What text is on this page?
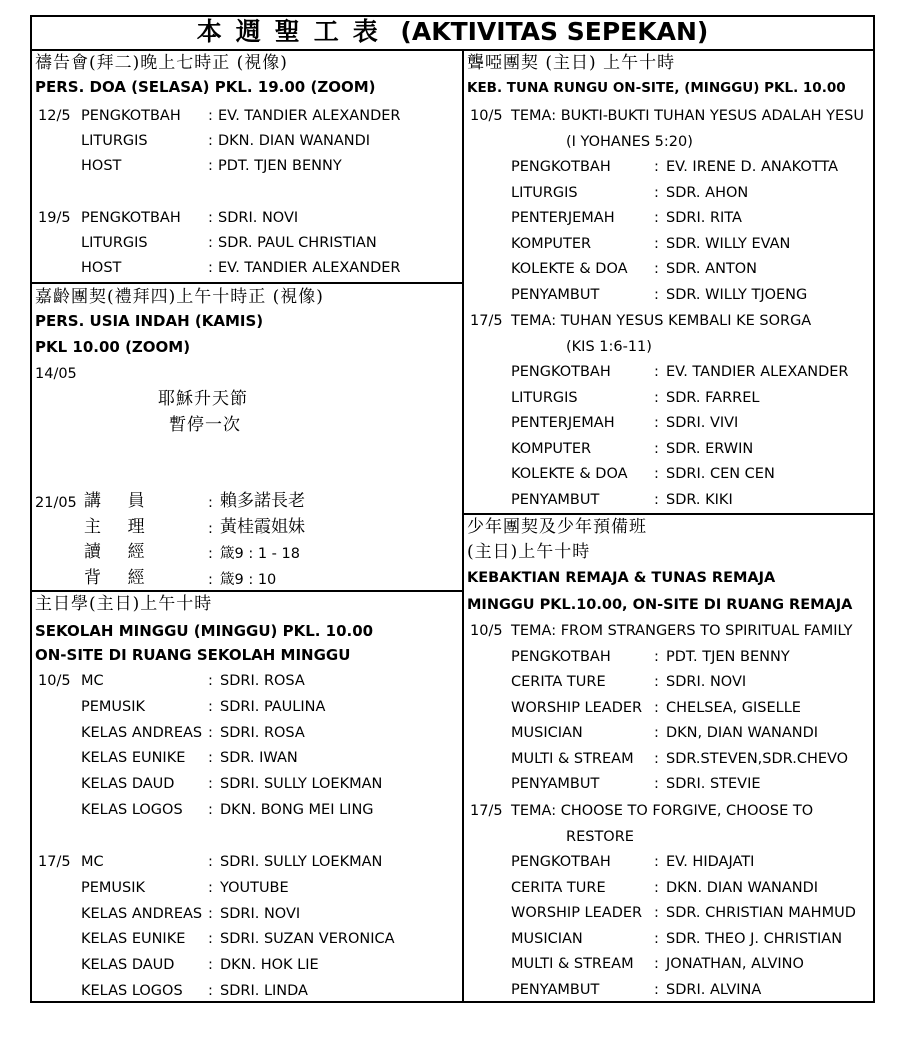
本週聖工表 (AKTIVITAS SEPEKAN)
禱告會(拜二)晚上七時正 (視像)
PERS. DOA (SELASA) PKL. 19.00 (ZOOM)
12/5 PENGKOTBAH : EV. TANDIER ALEXANDER
LITURGIS	: DKN. DIAN WANANDI
HOST	: PDT. TJEN BENNY
19/5 PENGKOTBAH : SDRI. NOVI
LITURGIS	: SDR. PAUL CHRISTIAN
HOST	: EV. TANDIER ALEXANDER
嘉齡團契(禮拜四)上午十時正 (視像)
PERS. USIA INDAH (KAMIS)
PKL 10.00 (ZOOM)
14/05
耶穌升天節
暫停一次
21/05 講    員	: 賴多諾長老
主    理	: 黃桂霞姐妹
讀    經	: 箴9 : 1 - 18
背    經	: 箴9 : 10
主日學(主日)上午十時
SEKOLAH MINGGU (MINGGU) PKL. 10.00
ON-SITE DI RUANG SEKOLAH MINGGU
10/5 MC	: SDRI. ROSA
PEMUSIK	: SDRI. PAULINA
KELAS ANDREAS : SDRI. ROSA
KELAS EUNIKE : SDR. IWAN
KELAS DAUD : SDRI. SULLY LOEKMAN
KELAS LOGOS : DKN. BONG MEI LING
17/5 MC	: SDRI. SULLY LOEKMAN
PEMUSIK	: YOUTUBE
KELAS ANDREAS : SDRI. NOVI
KELAS EUNIKE : SDRI. SUZAN VERONICA
KELAS DAUD : DKN. HOK LIE
KELAS LOGOS : SDRI. LINDA
聾啞團契 (主日) 上午十時
KEB. TUNA RUNGU ON-SITE, (MINGGU) PKL. 10.00
10/5 TEMA: BUKTI-BUKTI TUHAN YESUS ADALAH YESU
(I YOHANES 5:20)
PENGKOTBAH	: EV. IRENE D. ANAKOTTA
LITURGIS	: SDR. AHON
PENTERJEMAH	: SDRI. RITA
KOMPUTER	: SDR. WILLY EVAN
KOLEKTE & DOA : SDR. ANTON
PENYAMBUT	: SDR. WILLY TJOENG
17/5 TEMA: TUHAN YESUS KEMBALI KE SORGA
(KIS 1:6-11)
PENGKOTBAH	: EV. TANDIER ALEXANDER
LITURGIS	: SDR. FARREL
PENTERJEMAH	: SDRI. VIVI
KOMPUTER	: SDR. ERWIN
KOLEKTE & DOA : SDRI. CEN CEN
PENYAMBUT	: SDR. KIKI
少年團契及少年預備班
(主日)上午十時
KEBAKTIAN REMAJA & TUNAS REMAJA
MINGGU PKL.10.00, ON-SITE DI RUANG REMAJA
10/5 TEMA: FROM STRANGERS TO SPIRITUAL FAMILY
PENGKOTBAH	: PDT. TJEN BENNY
CERITA TURE	: SDRI. NOVI
WORSHIP LEADER : CHELSEA, GISELLE
MUSICIAN	: DKN, DIAN WANANDI
MULTI & STREAM : SDR.STEVEN,SDR.CHEVO
PENYAMBUT	: SDRI. STEVIE
17/5 TEMA: CHOOSE TO FORGIVE, CHOOSE TO
RESTORE
PENGKOTBAH	: EV. HIDAJATI
CERITA TURE	: DKN. DIAN WANANDI
WORSHIP LEADER : SDR. CHRISTIAN MAHMUD
MUSICIAN	: SDR. THEO J. CHRISTIAN
MULTI & STREAM : JONATHAN, ALVINO
PENYAMBUT	: SDRI. ALVINA
